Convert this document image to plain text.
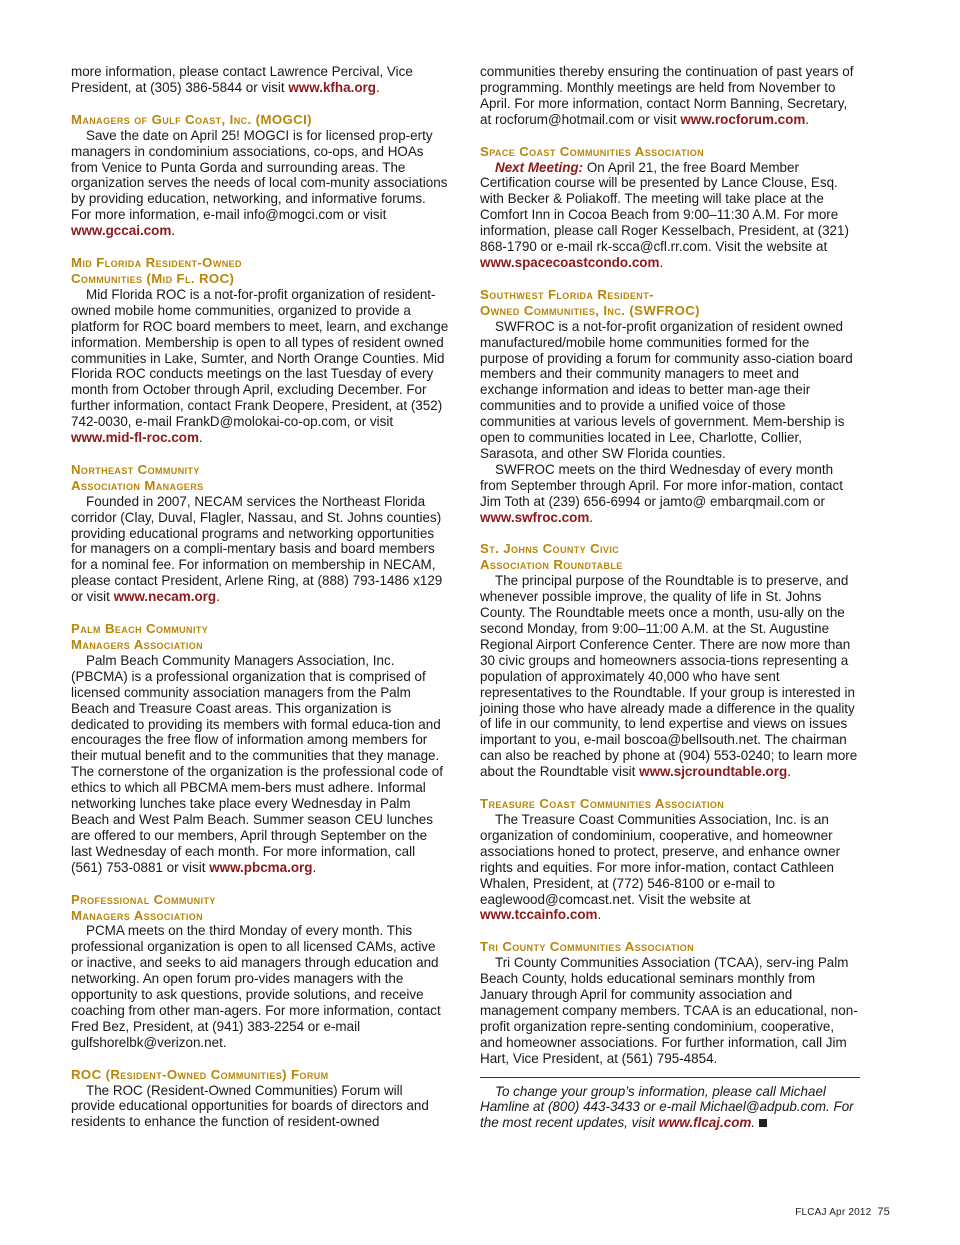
more information, please contact Lawrence Percival, Vice President, at (305) 386-5844 or visit www.kfha.org.

Managers of Gulf Coast, Inc. (MOGCI)

Save the date on April 25! MOGCI is for licensed prop-erty managers in condominium associations, co-ops, and HOAs from Venice to Punta Gorda and surrounding areas. The organization serves the needs of local com-munity associations by providing education, networking, and informative forums. For more information, e-mail info@mogci.com or visit www.gccai.com.

Mid Florida Resident-Owned
Communities (Mid Fl. ROC)

Mid Florida ROC is a not-for-profit organization of resident-owned mobile home communities, organized to provide a platform for ROC board members to meet, learn, and exchange information. Membership is open to all types of resident owned communities in Lake, Sumter, and North Orange Counties. Mid Florida ROC conducts meetings on the last Tuesday of every month from October through April, excluding December. For further information, contact Frank Deopere, President, at (352) 742-0030, e-mail FrankD@molokai-co-op.com, or visit www.mid-fl-roc.com.

Northeast Community
Association Managers

Founded in 2007, NECAM services the Northeast Florida corridor (Clay, Duval, Flagler, Nassau, and St. Johns counties) providing educational programs and networking opportunities for managers on a compli-mentary basis and board members for a nominal fee. For information on membership in NECAM, please contact President, Arlene Ring, at (888) 793-1486 x129 or visit www.necam.org.

Palm Beach Community
Managers Association

Palm Beach Community Managers Association, Inc. (PBCMA) is a professional organization that is comprised of licensed community association managers from the Palm Beach and Treasure Coast areas. This organization is dedicated to providing its members with formal educa-tion and encourages the free flow of information among members for their mutual benefit and to the communities that they manage. The cornerstone of the organization is the professional code of ethics to which all PBCMA mem-bers must adhere. Informal networking lunches take place every Wednesday in Palm Beach and West Palm Beach. Summer season CEU lunches are offered to our members, April through September on the last Wednesday of each month. For more information, call (561) 753-0881 or visit www.pbcma.org.

Professional Community
Managers Association

PCMA meets on the third Monday of every month. This professional organization is open to all licensed CAMs, active or inactive, and seeks to aid managers through education and networking. An open forum pro-vides managers with the opportunity to ask questions, provide solutions, and receive coaching from other man-agers. For more information, contact Fred Bez, President, at (941) 383-2254 or e-mail gulfshorelbk@verizon.net.

ROC (Resident-Owned Communities) Forum

The ROC (Resident-Owned Communities) Forum will provide educational opportunities for boards of directors and residents to enhance the function of resident-owned

communities thereby ensuring the continuation of past years of programming. Monthly meetings are held from November to April. For more information, contact Norm Banning, Secretary, at rocforum@hotmail.com or visit www.rocforum.com.

Space Coast Communities Association

Next Meeting: On April 21, the free Board Member Certification course will be presented by Lance Clouse, Esq. with Becker & Poliakoff. The meeting will take place at the Comfort Inn in Cocoa Beach from 9:00–11:30 A.M. For more information, please call Roger Kesselbach, President, at (321) 868-1790 or e-mail rk-scca@cfl.rr.com. Visit the website at www.spacecoastcondo.com.

Southwest Florida Resident-
Owned Communities, Inc. (SWFROC)

SWFROC is a not-for-profit organization of resident owned manufactured/mobile home communities formed for the purpose of providing a forum for community asso-ciation board members and their community managers to meet and exchange information and ideas to better man-age their communities and to provide a unified voice of those communities at various levels of government. Mem-bership is open to communities located in Lee, Charlotte, Collier, Sarasota, and other SW Florida counties.

SWFROC meets on the third Wednesday of every month from September through April. For more infor-mation, contact Jim Toth at (239) 656-6994 or jamto@ embarqmail.com or www.swfroc.com.

St. Johns County Civic
Association Roundtable

The principal purpose of the Roundtable is to preserve, and whenever possible improve, the quality of life in St. Johns County. The Roundtable meets once a month, usu-ally on the second Monday, from 9:00–11:00 A.M. at the St. Augustine Regional Airport Conference Center. There are now more than 30 civic groups and homeowners associa-tions representing a population of approximately 40,000 who have sent representatives to the Roundtable. If your group is interested in joining those who have already made a difference in the quality of life in our community, to lend expertise and views on issues important to you, e-mail boscoa@bellsouth.net. The chairman can also be reached by phone at (904) 553-0240; to learn more about the Roundtable visit www.sjcroundtable.org.

Treasure Coast Communities Association

The Treasure Coast Communities Association, Inc. is an organization of condominium, cooperative, and homeowner associations honed to protect, preserve, and enhance owner rights and equities. For more infor-mation, contact Cathleen Whalen, President, at (772) 546-8100 or e-mail to eaglewood@comcast.net. Visit the website at www.tccainfo.com.

Tri County Communities Association

Tri County Communities Association (TCAA), serv-ing Palm Beach County, holds educational seminars monthly from January through April for community association and management company members. TCAA is an educational, non-profit organization repre-senting condominium, cooperative, and homeowner associations. For further information, call Jim Hart, Vice President, at (561) 795-4854.

To change your group’s information, please call Michael Hamline at (800) 443-3433 or e-mail Michael@adpub.com. For the most recent updates, visit www.flcaj.com.

FLCAJ Apr 2012 75
